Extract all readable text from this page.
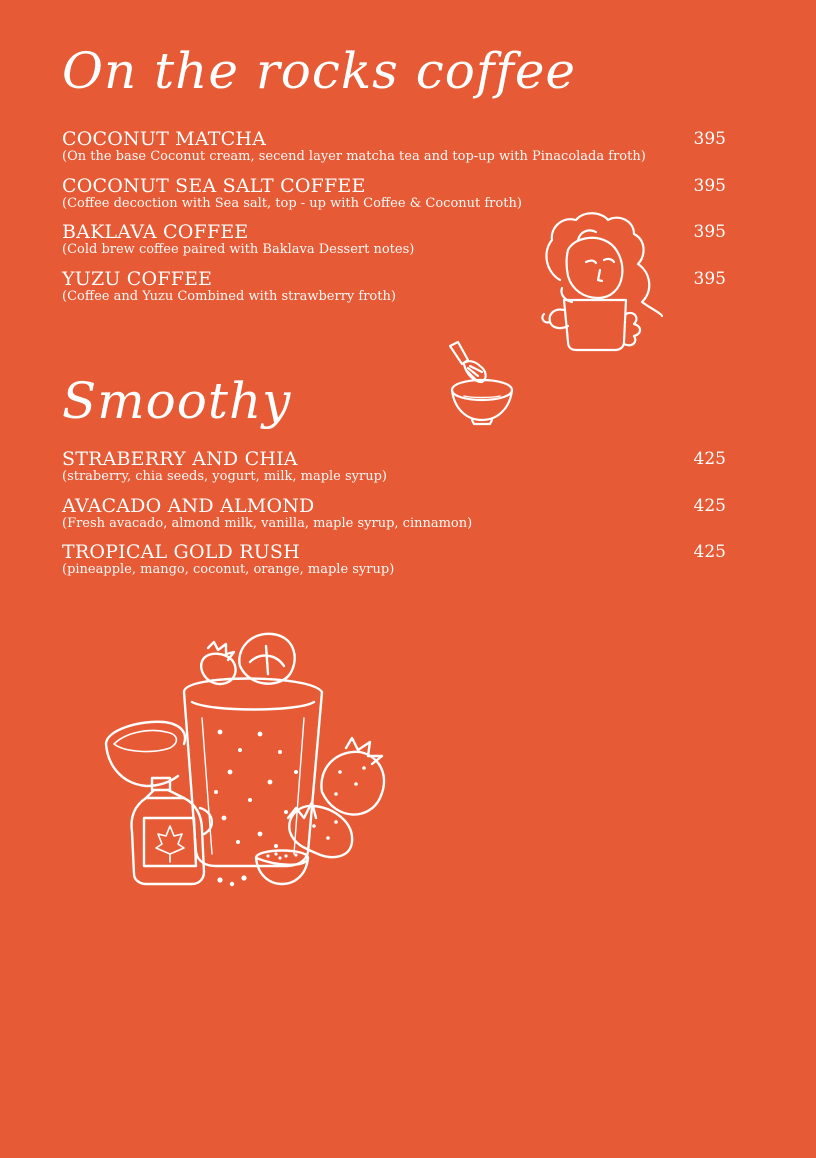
On the rocks coffee
COCONUT MATCHA
(On the base Coconut cream, secend layer matcha tea and top-up with Pinacolada froth)
395
COCONUT SEA SALT COFFEE
(Coffee decoction with Sea salt, top - up with Coffee & Coconut froth)
395
BAKLAVA COFFEE
(Cold brew coffee paired with Baklava Dessert notes)
395
YUZU COFFEE
(Coffee and Yuzu Combined with strawberry froth)
395
Smoothy
STRABERRY AND CHIA
(straberry, chia seeds, yogurt, milk, maple syrup)
425
AVACADO AND ALMOND
(Fresh avacado, almond milk, vanilla, maple syrup, cinnamon)
425
TROPICAL GOLD RUSH
(pineapple, mango, coconut, orange, maple syrup)
425
